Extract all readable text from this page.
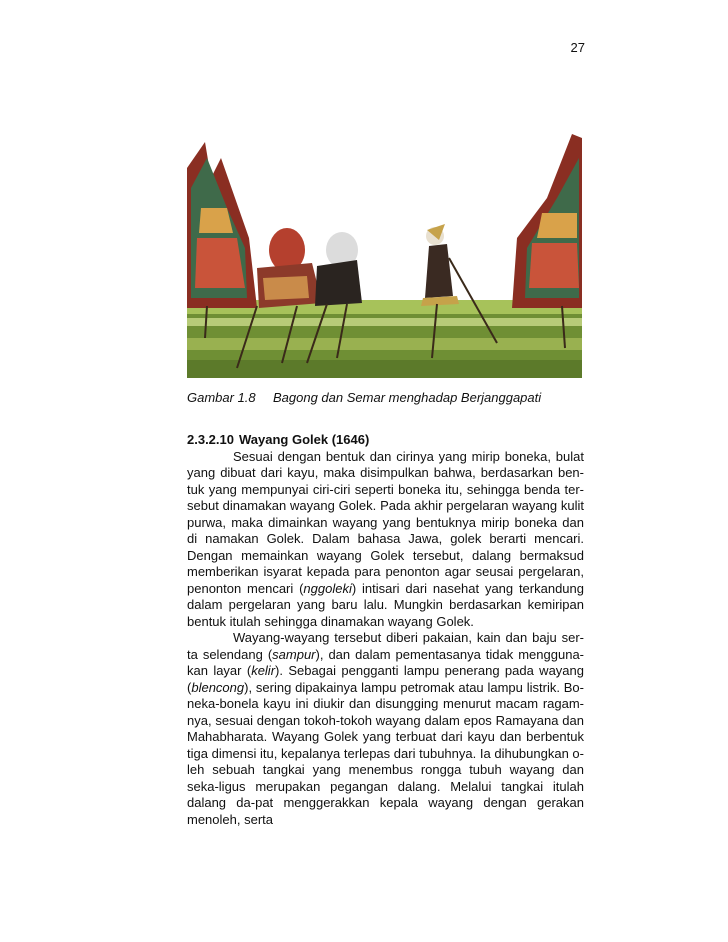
27
Gambar 1.8 Bagong dan Semar menghadap Berjanggapati

2.3.2.10 Wayang Golek (1646)

Sesuai dengan bentuk dan cirinya yang mirip boneka, bulat yang dibuat dari kayu, maka disimpulkan bahwa, berdasarkan ben-tuk yang mempunyai ciri-ciri seperti boneka itu, sehingga benda ter-sebut dinamakan wayang Golek. Pada akhir pergelaran wayang kulit purwa, maka dimainkan wayang yang bentuknya mirip boneka dan di namakan Golek. Dalam bahasa Jawa, golek berarti mencari. Dengan memainkan wayang Golek tersebut, dalang bermaksud memberikan isyarat kepada para penonton agar seusai pergelaran, penonton mencari (nggoleki) intisari dari nasehat yang terkandung dalam pergelaran yang baru lalu. Mungkin berdasarkan kemiripan bentuk itulah sehingga dinamakan wayang Golek.

Wayang-wayang tersebut diberi pakaian, kain dan baju ser-ta selendang (sampur), dan dalam pementasanya tidak mengguna-kan layar (kelir). Sebagai pengganti lampu penerang pada wayang (blencong), sering dipakainya lampu petromak atau lampu listrik. Bo-neka-bonela kayu ini diukir dan disungging menurut macam ragam-nya, sesuai dengan tokoh-tokoh wayang dalam epos Ramayana dan Mahabharata. Wayang Golek yang terbuat dari kayu dan berbentuk tiga dimensi itu, kepalanya terlepas dari tubuhnya. Ia dihubungkan o-leh sebuah tangkai yang menembus rongga tubuh wayang dan seka-ligus merupakan pegangan dalang. Melalui tangkai itulah dalang da-pat menggerakkan kepala wayang dengan gerakan menoleh, serta
